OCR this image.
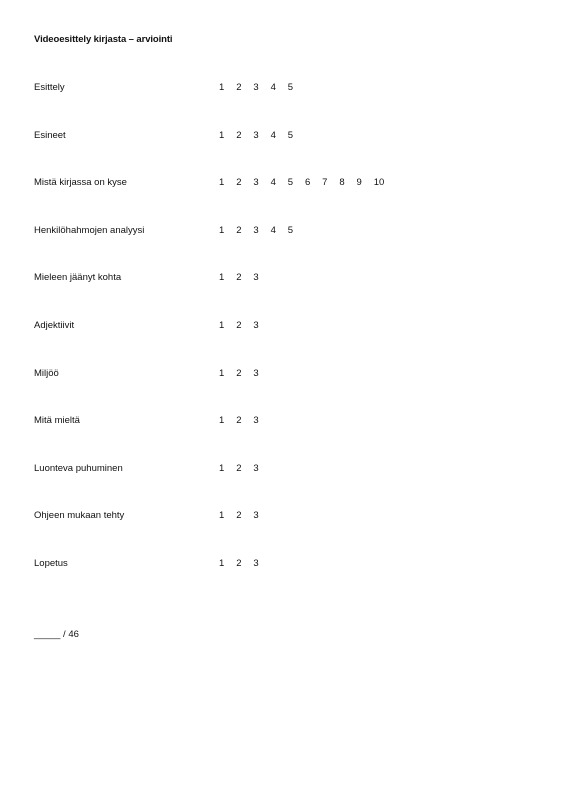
Videoesittely kirjasta – arviointi
Esittely	1 2 3 4 5
Esineet	1 2 3 4 5
Mistä kirjassa on kyse	1 2 3 4 5 6 7 8 9 10
Henkilöhahmojen analyysi	1 2 3 4 5
Mieleen jäänyt kohta	1 2 3
Adjektiivit	1 2 3
Miljöö	1 2 3
Mitä mieltä	1 2 3
Luonteva puhuminen	1 2 3
Ohjeen mukaan tehty	1 2 3
Lopetus	1 2 3
_____ / 46
